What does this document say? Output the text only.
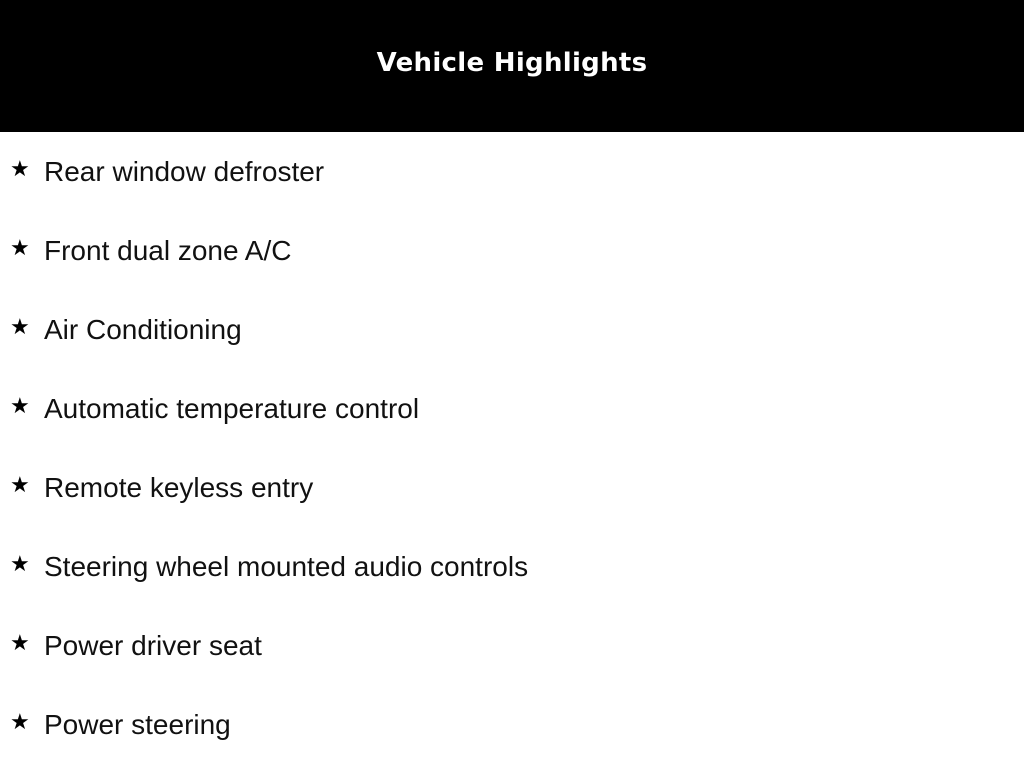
Vehicle Highlights
★ Rear window defroster
★ Front dual zone A/C
★ Air Conditioning
★ Automatic temperature control
★ Remote keyless entry
★ Steering wheel mounted audio controls
★ Power driver seat
★ Power steering
